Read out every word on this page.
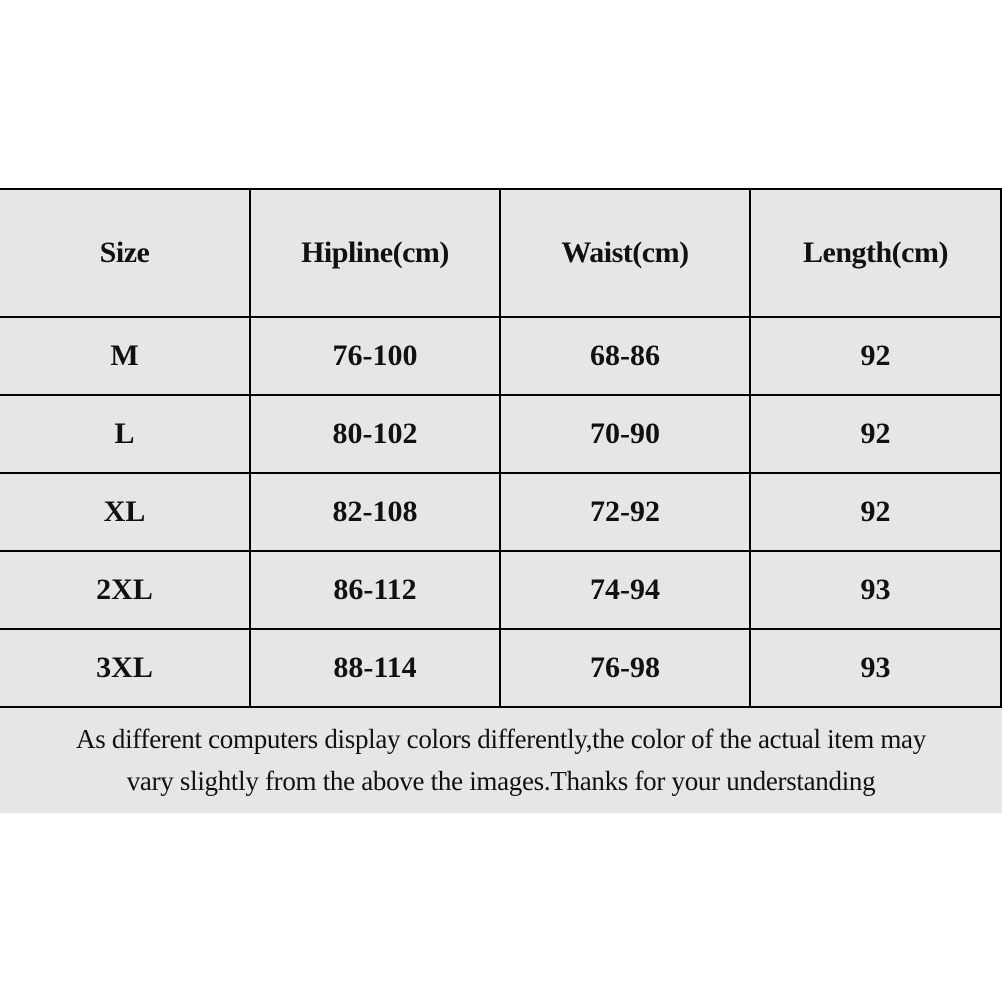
Size	Hipline(cm)	Waist(cm)	Length(cm)
M	76-100	68-86	92
L	80-102	70-90	92
XL	82-108	72-92	92
2XL	86-112	74-94	93
3XL	88-114	76-98	93
As different computers display colors differently,the color of the actual item may
vary slightly from the above the images.Thanks for your understanding
